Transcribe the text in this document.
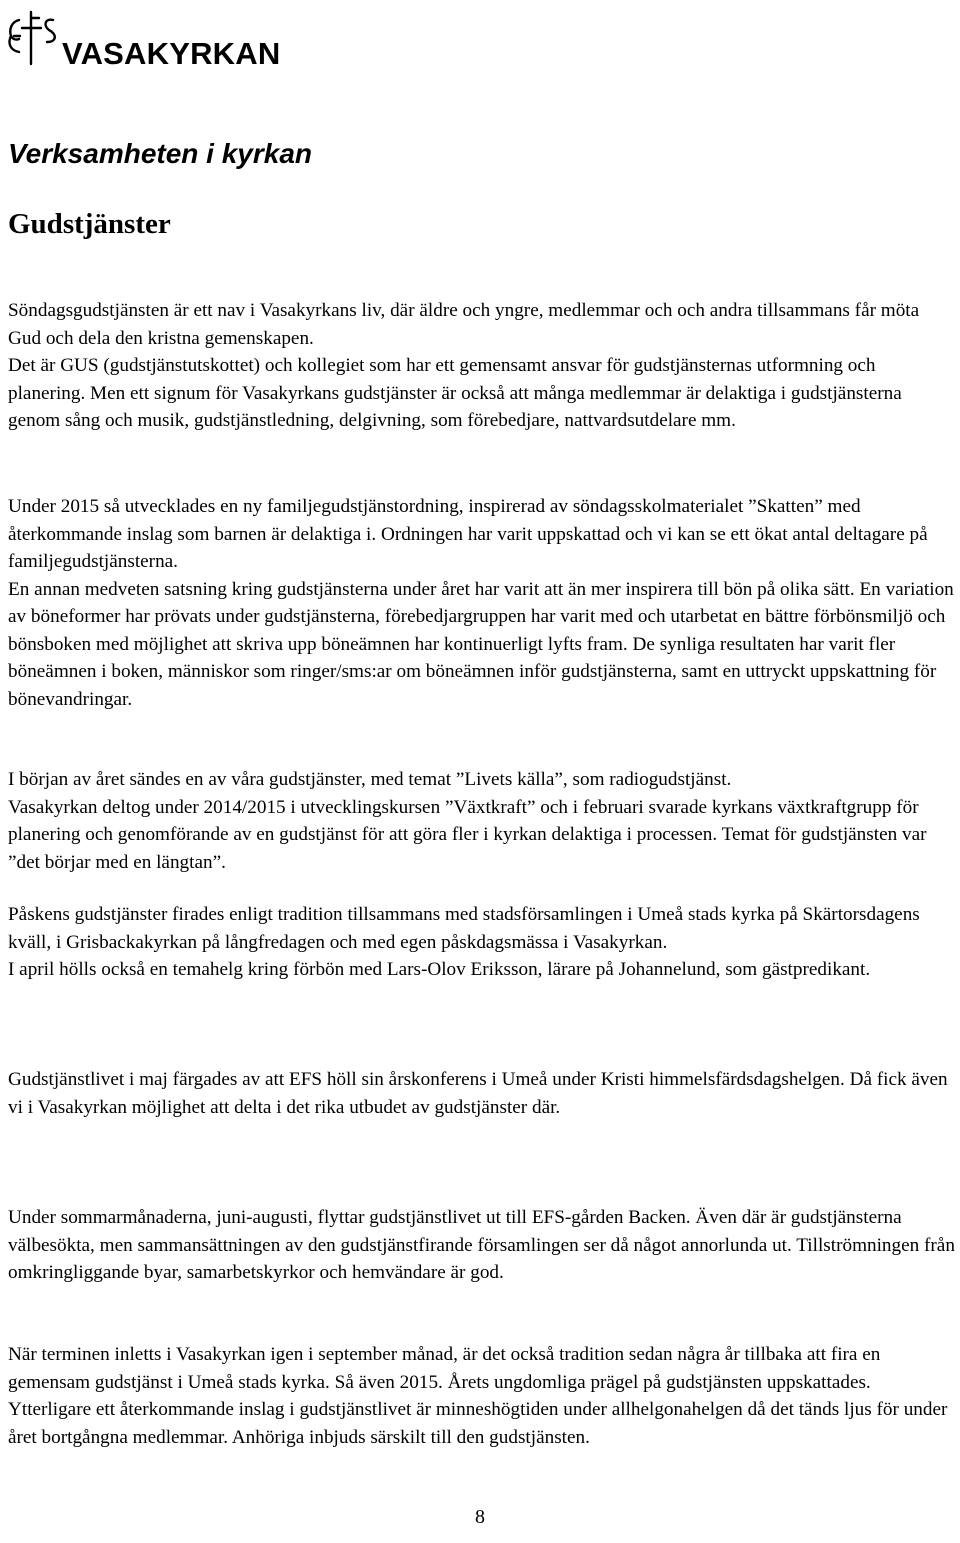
VASAKYRKAN
Verksamheten i kyrkan
Gudstjänster

Söndagsgudstjänsten är ett nav i Vasakyrkans liv, där äldre och yngre, medlemmar och och andra tillsammans får möta Gud och dela den kristna gemenskapen.

Det är GUS (gudstjänstutskottet) och kollegiet som har ett gemensamt ansvar för gudstjänsternas utformning och planering. Men ett signum för Vasakyrkans gudstjänster är också att många medlemmar är delaktiga i gudstjänsterna genom sång och musik, gudstjänstledning, delgivning, som förebedjare, nattvardsutdelare mm.

Under 2015 så utvecklades en ny familjegudstjänstordning, inspirerad av söndagsskolmaterialet ”Skatten” med återkommande inslag som barnen är delaktiga i. Ordningen har varit uppskattad och vi kan se ett ökat antal deltagare på familjegudstjänsterna.

En annan medveten satsning kring gudstjänsterna under året har varit att än mer inspirera till bön på olika sätt. En variation av böneformer har prövats under gudstjänsterna, förebedjargruppen har varit med och utarbetat en bättre förbönsmiljö och bönsboken med möjlighet att skriva upp böneämnen har kontinuerligt lyfts fram. De synliga resultaten har varit fler böneämnen i boken, människor som ringer/sms:ar om böneämnen inför gudstjänsterna, samt en uttryckt uppskattning för bönevandringar.

I början av året sändes en av våra gudstjänster, med temat ”Livets källa”, som radiogudstjänst.

Vasakyrkan deltog under 2014/2015 i utvecklingskursen ”Växtkraft” och i februari svarade kyrkans växtkraftgrupp för planering och genomförande av en gudstjänst för att göra fler i kyrkan delaktiga i processen. Temat för gudstjänsten var ”det börjar med en längtan”.

Påskens gudstjänster firades enligt tradition tillsammans med stadsförsamlingen i Umeå stads kyrka på Skärtorsdagens kväll, i Grisbackakyrkan på långfredagen och med egen påskdagsmässa i Vasakyrkan.

I april hölls också en temahelg kring förbön med Lars-Olov Eriksson, lärare på Johannelund, som gästpredikant.

Gudstjänstlivet i maj färgades av att EFS höll sin årskonferens i Umeå under Kristi himmelsfärdsdagshelgen. Då fick även vi i Vasakyrkan möjlighet att delta i det rika utbudet av gudstjänster där.

Under sommarmånaderna, juni-augusti, flyttar gudstjänstlivet ut till EFS-gården Backen. Även där är gudstjänsterna välbesökta, men sammansättningen av den gudstjänstfirande församlingen ser då något annorlunda ut. Tillströmningen från omkringliggande byar, samarbetskyrkor och hemvändare är god.

När terminen inletts i Vasakyrkan igen i september månad, är det också tradition sedan några år tillbaka att fira en gemensam gudstjänst i Umeå stads kyrka. Så även 2015. Årets ungdomliga prägel på gudstjänsten uppskattades.

Ytterligare ett återkommande inslag i gudstjänstlivet är minneshögtiden under allhelgonahelgen då det tänds ljus för under året bortgångna medlemmar. Anhöriga inbjuds särskilt till den gudstjänsten.

8
